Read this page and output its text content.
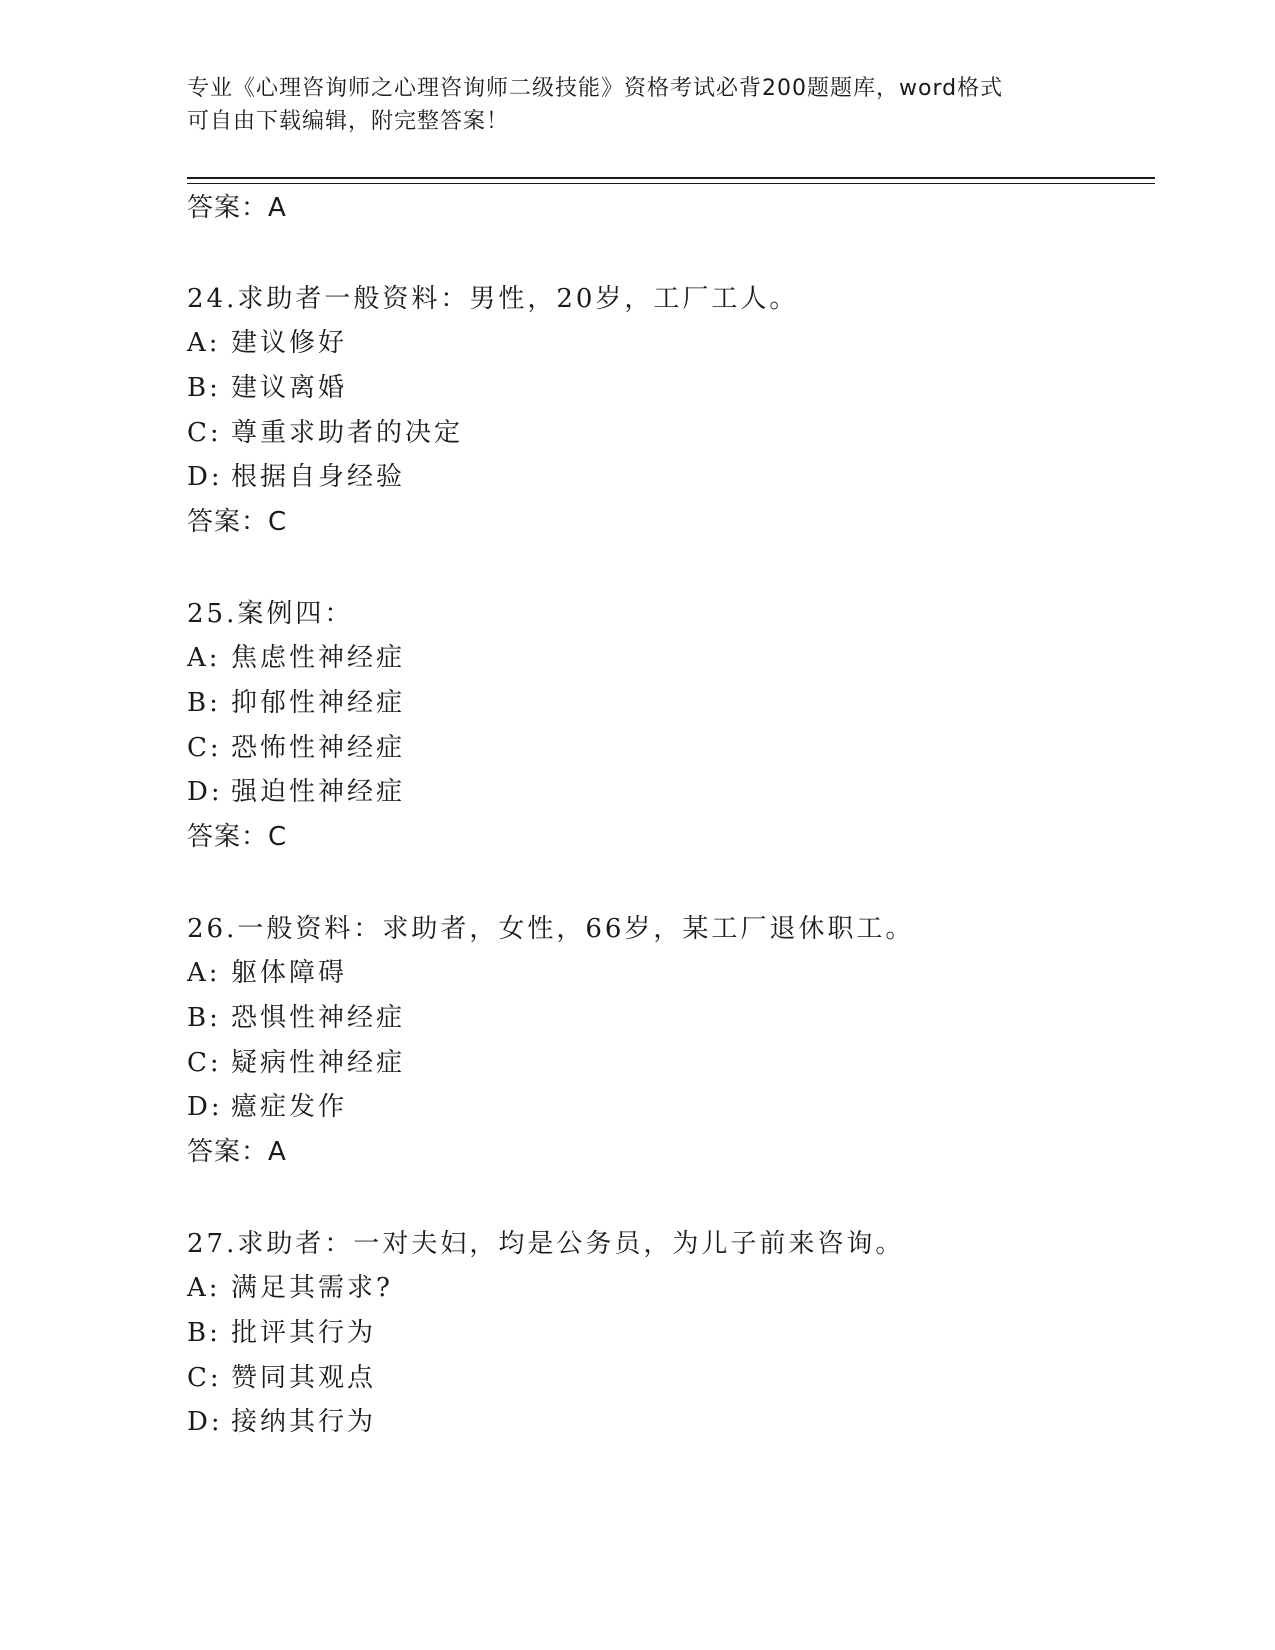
专业《心理咨询师之心理咨询师二级技能》资格考试必背200题题库，word格式
可自由下载编辑，附完整答案！
答案：A
24.求助者一般资料：男性，20岁，工厂工人。
A: 建议修好
B: 建议离婚
C: 尊重求助者的决定
D: 根据自身经验
答案：C
25.案例四：
A: 焦虑性神经症
B: 抑郁性神经症
C: 恐怖性神经症
D: 强迫性神经症
答案：C
26.一般资料：求助者，女性，66岁，某工厂退休职工。
A: 躯体障碍
B: 恐惧性神经症
C: 疑病性神经症
D: 癔症发作
答案：A
27.求助者：一对夫妇，均是公务员，为儿子前来咨询。
A: 满足其需求?
B: 批评其行为
C: 赞同其观点
D: 接纳其行为
